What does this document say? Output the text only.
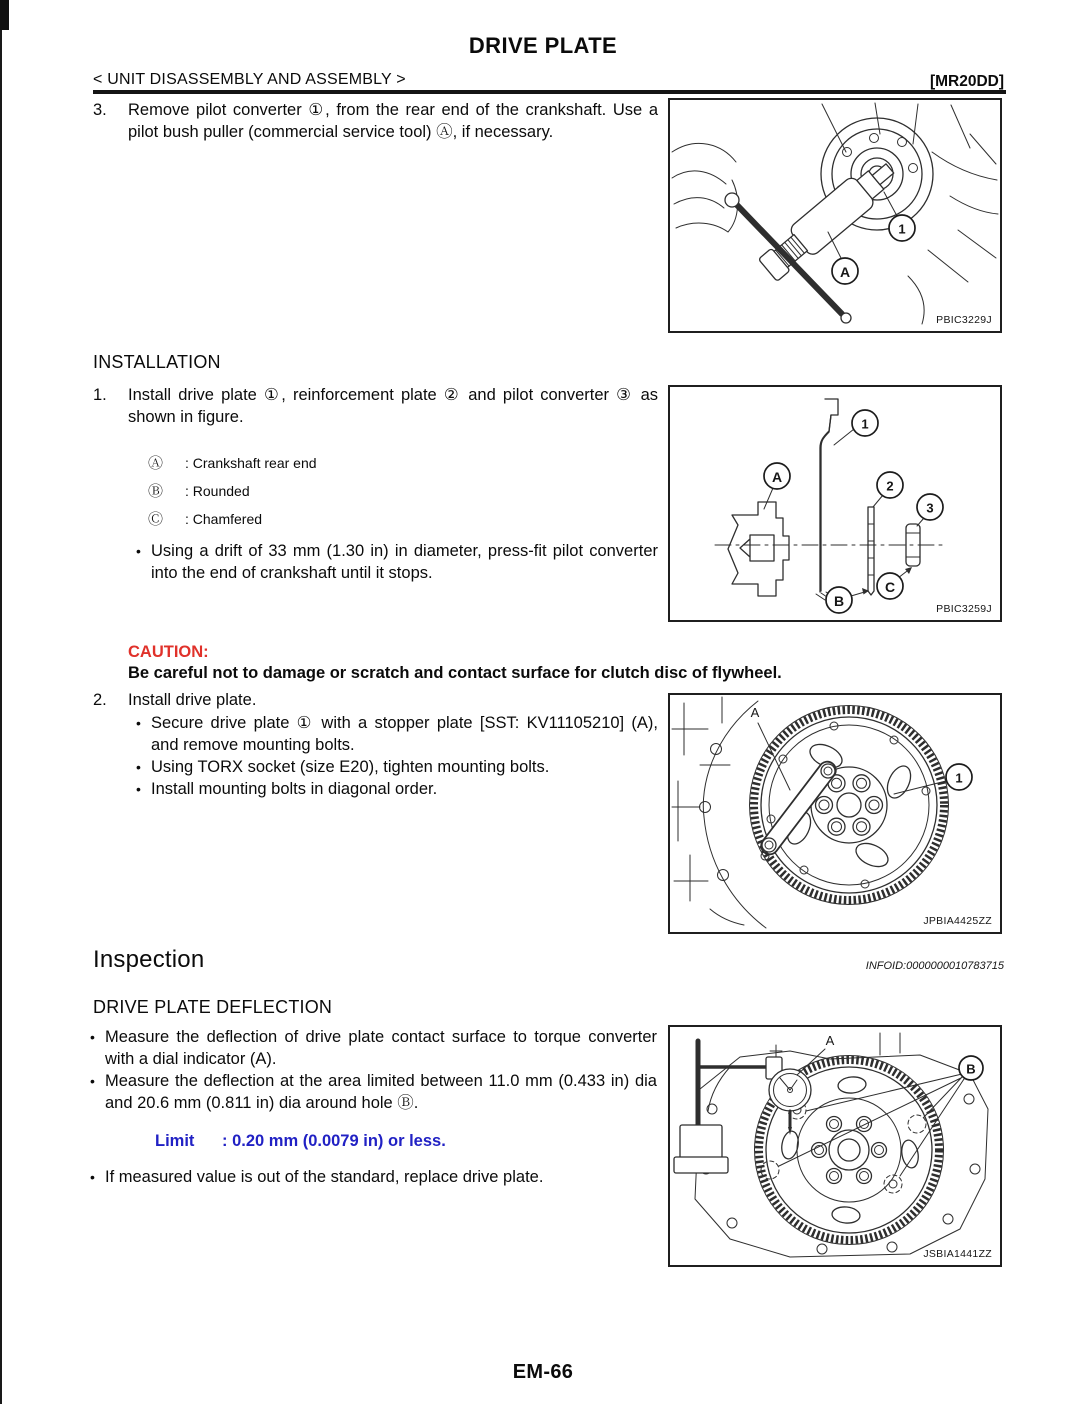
DRIVE PLATE
< UNIT DISASSEMBLY AND ASSEMBLY >	[MR20DD]
3. Remove pilot converter ①, from the rear end of the crankshaft. Use a pilot bush puller (commercial service tool) Ⓐ, if necessary.
A
1
PBIC3229J
INSTALLATION
1. Install drive plate ①, reinforcement plate ② and pilot converter ③ as shown in figure.
Ⓐ : Crankshaft rear end
Ⓑ : Rounded
Ⓒ : Chamfered
• Using a drift of 33 mm (1.30 in) in diameter, press-fit pilot converter into the end of crankshaft until it stops.
A
1
2
3
B
C
PBIC3259J
CAUTION:
Be careful not to damage or scratch and contact surface for clutch disc of flywheel.
2. Install drive plate.
• Secure drive plate ① with a stopper plate [SST: KV11105210] (A), and remove mounting bolts.
• Using TORX socket (size E20), tighten mounting bolts.
• Install mounting bolts in diagonal order.
A
1
JPBIA4425ZZ
Inspection	INFOID:0000000010783715
DRIVE PLATE DEFLECTION
• Measure the deflection of drive plate contact surface to torque converter with a dial indicator (A).
• Measure the deflection at the area limited between 11.0 mm (0.433 in) dia and 20.6 mm (0.811 in) dia around hole Ⓑ.
Limit : 0.20 mm (0.0079 in) or less.
• If measured value is out of the standard, replace drive plate.
A
B
JSBIA1441ZZ
EM-66
